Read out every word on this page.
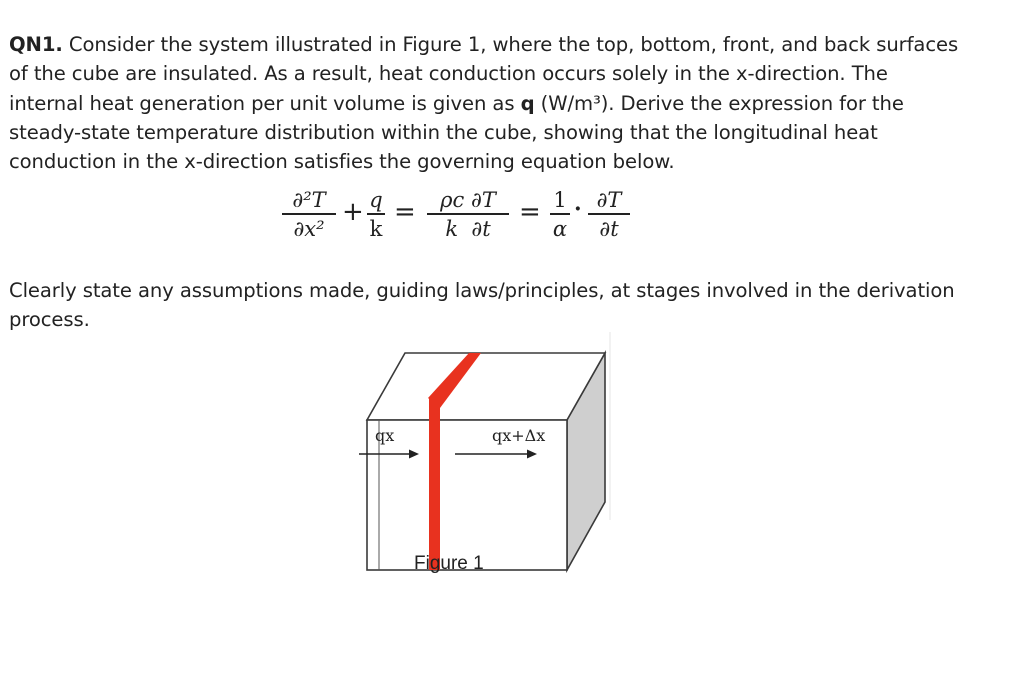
QN1. Consider the system illustrated in Figure 1, where the top, bottom, front, and back surfaces of the cube are insulated. As a result, heat conduction occurs solely in the x-direction. The internal heat generation per unit volume is given as q (W/m³). Derive the expression for the steady-state temperature distribution within the cube, showing that the longitudinal heat conduction in the x-direction satisfies the governing equation below.

∂²T
∂x²
+ q
k
=	ρc ∂T
k  ∂t
= 1
α
· ∂T
∂t

Clearly state any assumptions made, guiding laws/principles, at stages involved in the derivation process.

qx	qx+Δx
Figure 1
